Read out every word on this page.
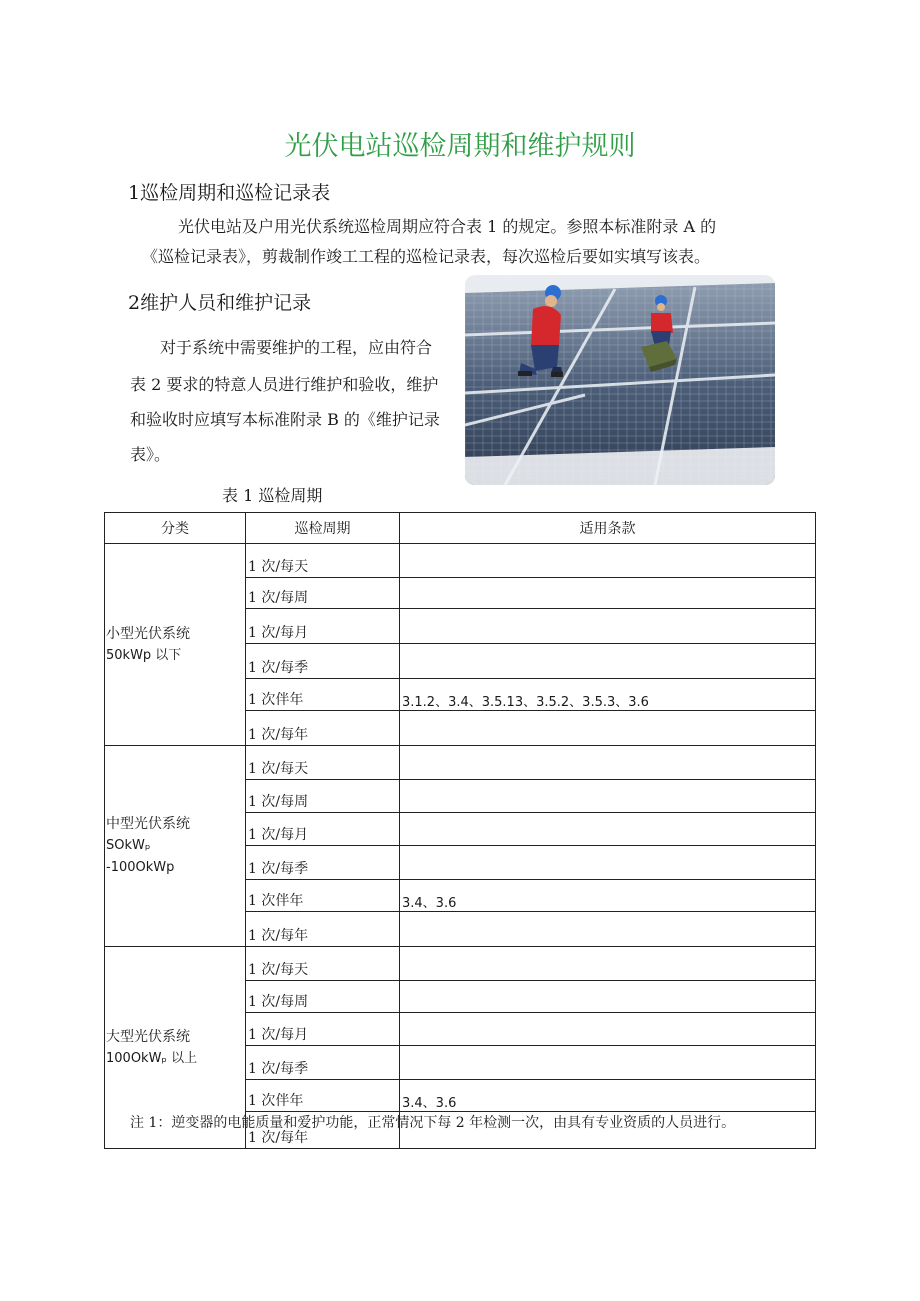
光伏电站巡检周期和维护规则
1巡检周期和巡检记录表

光伏电站及户用光伏系统巡检周期应符合表 1 的规定。参照本标准附录 A 的

《巡检记录表》，剪裁制作竣工工程的巡检记录表，每次巡检后要如实填写该表。

2维护人员和维护记录

对于系统中需要维护的工程，应由符合

表 2 要求的特意人员进行维护和验收，维护

和验收时应填写本标准附录 B 的《维护记录

表》。

表 1 巡检周期

分类	巡检周期	适用条款

小型光伏系统
50kWp 以下	1 次/每天	
	1 次/每周	
	1 次/每月	
	1 次/每季	
	1 次伴年	3.1.2、3.4、3.5.13、3.5.2、3.5.3、3.6
	1 次/每年	

中型光伏系统
SOkWₚ
-100OkWp	1 次/每天	
	1 次/每周	
	1 次/每月	
	1 次/每季	
	1 次伴年	3.4、3.6
	1 次/每年	

大型光伏系统
100OkWₚ 以上	1 次/每天	
	1 次/每周	
	1 次/每月	
	1 次/每季	
	1 次伴年	3.4、3.6
	1 次/每年	

注 1：逆变器的电能质量和爱护功能，正常情况下每 2 年检测一次，由具有专业资质的人员进行。
